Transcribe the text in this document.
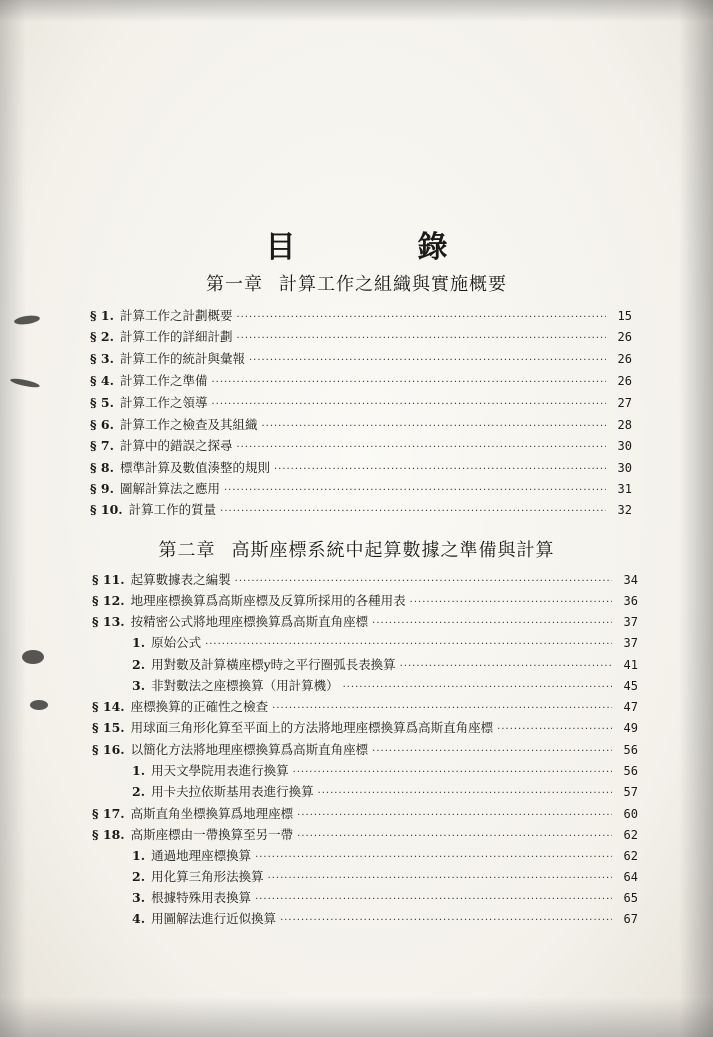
目　錄
第一章 計算工作之組織與實施概要
§ 1. 計算工作之計劃概要 ·····	15
§ 2. 計算工作的詳細計劃 ·····	26
§ 3. 計算工作的統計與彙報 ·····	26
§ 4. 計算工作之準備 ·····	26
§ 5. 計算工作之領導 ·····	27
§ 6. 計算工作之檢查及其組織 ·····	28
§ 7. 計算中的錯誤之探尋 ·····	30
§ 8. 標準計算及數值湊整的規則 ·····	30
§ 9. 圖解計算法之應用 ·····	31
§ 10. 計算工作的質量 ·····	32
第二章 高斯座標系統中起算數據之準備與計算
§ 11. 起算數據表之編製 ·····	34
§ 12. 地理座標換算爲高斯座標及反算所採用的各種用表 ·····	36
§ 13. 按精密公式將地理座標換算爲高斯直角座標 ·····	37
1. 原始公式 ·····	37
2. 用對數及計算橫座標y時之平行圈弧長表換算 ·····	41
3. 非對數法之座標換算（用計算機） ·····	45
§ 14. 座標換算的正確性之檢查 ·····	47
§ 15. 用球面三角形化算至平面上的方法將地理座標換算爲高斯直角座標 ·····	49
§ 16. 以簡化方法將地理座標換算爲高斯直角座標 ·····	56
1. 用天文學院用表進行換算 ·····	56
2. 用卡夫拉依斯基用表進行換算 ·····	57
§ 17. 高斯直角坐標換算爲地理座標 ·····	60
§ 18. 高斯座標由一帶換算至另一帶 ·····	62
1. 通過地理座標換算 ·····	62
2. 用化算三角形法換算 ·····	64
3. 根據特殊用表換算 ·····	65
4. 用圖解法進行近似換算 ·····	67
